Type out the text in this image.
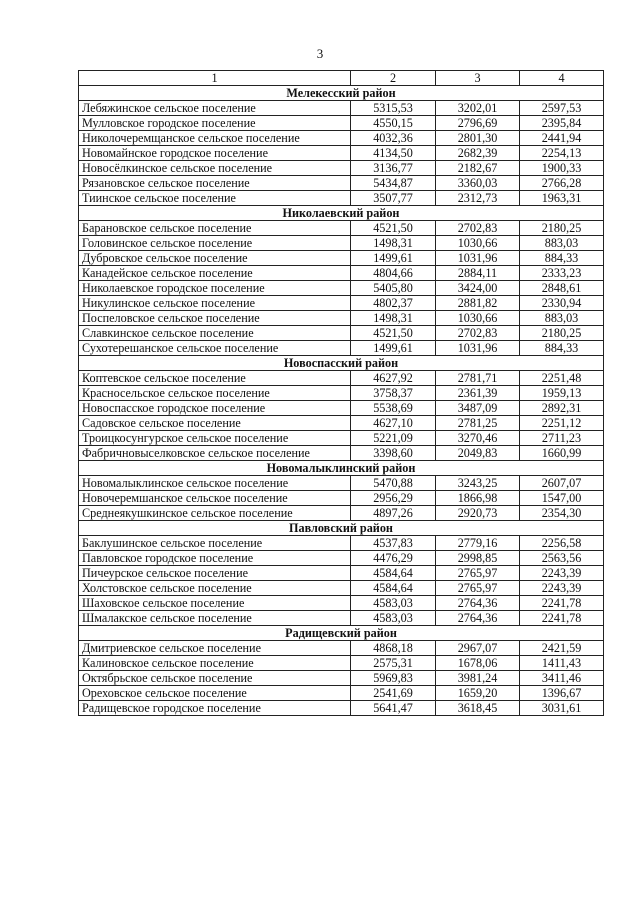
3
1	2	3	4
Мелекесский район			
Лебяжинское сельское поселение	5315,53	3202,01	2597,53
Мулловское городское поселение	4550,15	2796,69	2395,84
Николочеремщанское сельское поселение	4032,36	2801,30	2441,94
Новомайнское городское поселение	4134,50	2682,39	2254,13
Новосёлкинское сельское поселение	3136,77	2182,67	1900,33
Рязановское сельское поселение	5434,87	3360,03	2766,28
Тиинское сельское поселение	3507,77	2312,73	1963,31
Николаевский район			
Барановское сельское поселение	4521,50	2702,83	2180,25
Головинское сельское поселение	1498,31	1030,66	883,03
Дубровское сельское поселение	1499,61	1031,96	884,33
Канадейское сельское поселение	4804,66	2884,11	2333,23
Николаевское городское поселение	5405,80	3424,00	2848,61
Никулинское сельское поселение	4802,37	2881,82	2330,94
Поспеловское сельское поселение	1498,31	1030,66	883,03
Славкинское сельское поселение	4521,50	2702,83	2180,25
Сухотерешанское сельское поселение	1499,61	1031,96	884,33
Новоспасский район			
Коптевское сельское поселение	4627,92	2781,71	2251,48
Красносельское сельское поселение	3758,37	2361,39	1959,13
Новоспасское городское поселение	5538,69	3487,09	2892,31
Садовское сельское поселение	4627,10	2781,25	2251,12
Троицкосунгурское сельское поселение	5221,09	3270,46	2711,23
Фабричновыселковское сельское поселение	3398,60	2049,83	1660,99
Новомалыклинский район			
Новомалыклинское сельское поселение	5470,88	3243,25	2607,07
Новочеремшанское сельское поселение	2956,29	1866,98	1547,00
Среднеякушкинское сельское поселение	4897,26	2920,73	2354,30
Павловский район			
Баклушинское сельское поселение	4537,83	2779,16	2256,58
Павловское городское поселение	4476,29	2998,85	2563,56
Пичеурское сельское поселение	4584,64	2765,97	2243,39
Холстовское сельское поселение	4584,64	2765,97	2243,39
Шаховское сельское поселение	4583,03	2764,36	2241,78
Шмалакское сельское поселение	4583,03	2764,36	2241,78
Радищевский район			
Дмитриевское сельское поселение	4868,18	2967,07	2421,59
Калиновское сельское поселение	2575,31	1678,06	1411,43
Октябрьское сельское поселение	5969,83	3981,24	3411,46
Ореховское сельское поселение	2541,69	1659,20	1396,67
Радищевское городское поселение	5641,47	3618,45	3031,61
